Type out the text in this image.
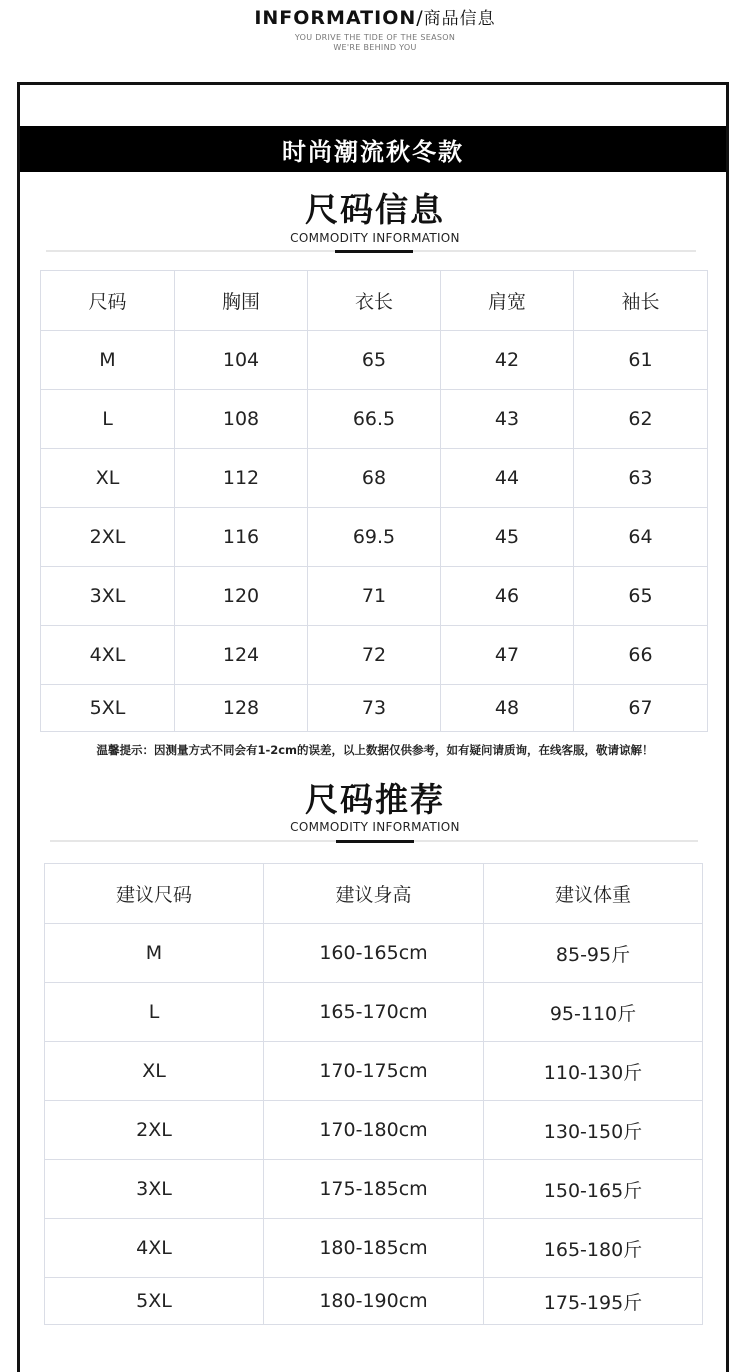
INFORMATION/商品信息
YOU DRIVE THE TIDE OF THE SEASON
WE'RE BEHIND YOU
时尚潮流秋冬款
尺码信息
COMMODITY INFORMATION
尺码	胸围	衣长	肩宽	袖长
M	104	65	42	61
L	108	66.5	43	62
XL	112	68	44	63
2XL	116	69.5	45	64
3XL	120	71	46	65
4XL	124	72	47	66
5XL	128	73	48	67
温馨提示：因测量方式不同会有1-2cm的误差，以上数据仅供参考，如有疑问请质询，在线客服，敬请谅解！
尺码推荐
COMMODITY INFORMATION
建议尺码	建议身高	建议体重
M	160-165cm	85-95斤
L	165-170cm	95-110斤
XL	170-175cm	110-130斤
2XL	170-180cm	130-150斤
3XL	175-185cm	150-165斤
4XL	180-185cm	165-180斤
5XL	180-190cm	175-195斤
